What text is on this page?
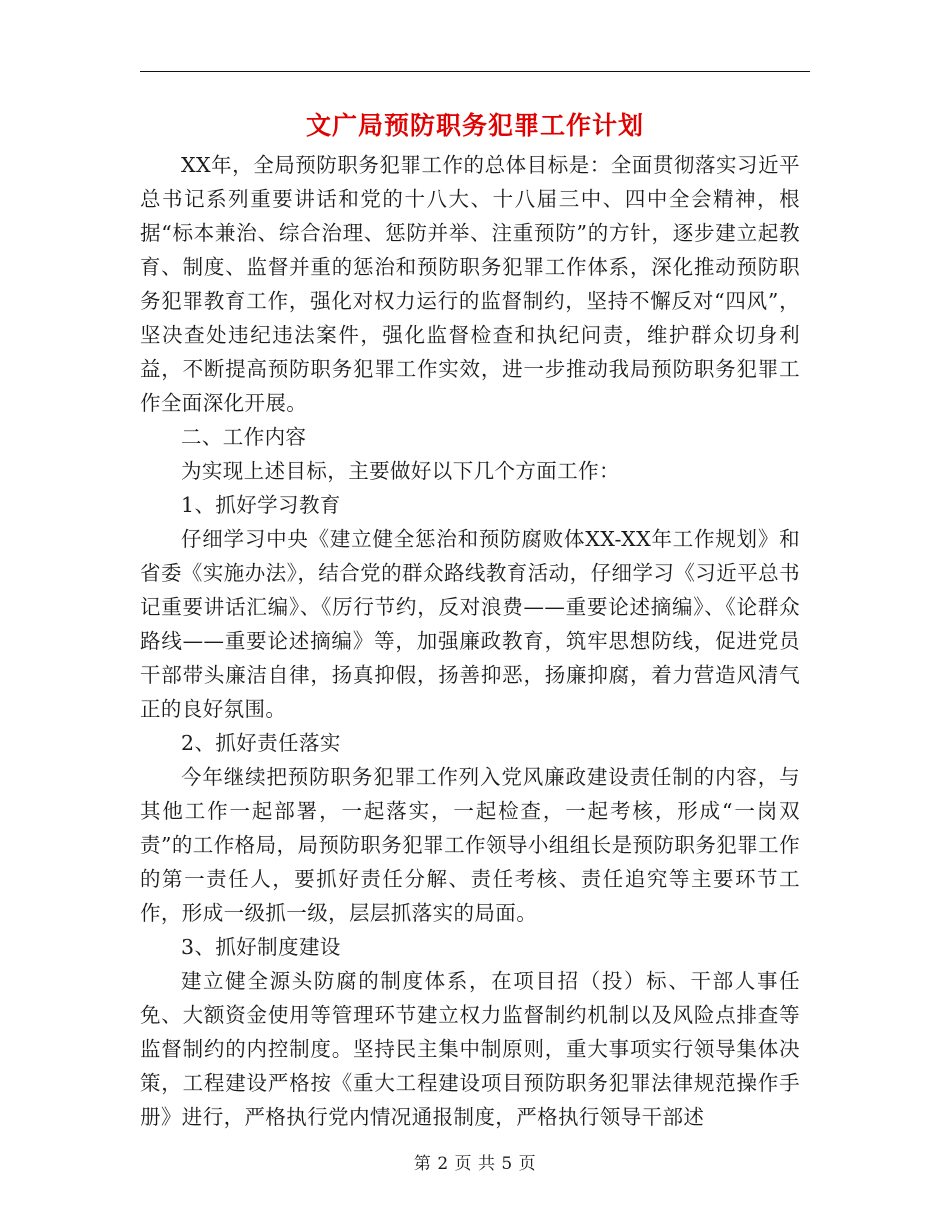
文广局预防职务犯罪工作计划

XX年，全局预防职务犯罪工作的总体目标是：全面贯彻落实习近平总书记系列重要讲话和党的十八大、十八届三中、四中全会精神，根据“标本兼治、综合治理、惩防并举、注重预防”的方针，逐步建立起教育、制度、监督并重的惩治和预防职务犯罪工作体系，深化推动预防职务犯罪教育工作，强化对权力运行的监督制约，坚持不懈反对“四风”，坚决查处违纪违法案件，强化监督检查和执纪问责，维护群众切身利益，不断提高预防职务犯罪工作实效，进一步推动我局预防职务犯罪工作全面深化开展。

二、工作内容

为实现上述目标，主要做好以下几个方面工作：

1、抓好学习教育

仔细学习中央《建立健全惩治和预防腐败体XX-XX年工作规划》和省委《实施办法》，结合党的群众路线教育活动，仔细学习《习近平总书记重要讲话汇编》、《厉行节约，反对浪费——重要论述摘编》、《论群众路线——重要论述摘编》等，加强廉政教育，筑牢思想防线，促进党员干部带头廉洁自律，扬真抑假，扬善抑恶，扬廉抑腐，着力营造风清气正的良好氛围。

2、抓好责任落实

今年继续把预防职务犯罪工作列入党风廉政建设责任制的内容，与其他工作一起部署，一起落实，一起检查，一起考核，形成“一岗双责”的工作格局，局预防职务犯罪工作领导小组组长是预防职务犯罪工作的第一责任人，要抓好责任分解、责任考核、责任追究等主要环节工作，形成一级抓一级，层层抓落实的局面。

3、抓好制度建设

建立健全源头防腐的制度体系，在项目招（投）标、干部人事任免、大额资金使用等管理环节建立权力监督制约机制以及风险点排查等监督制约的内控制度。坚持民主集中制原则，重大事项实行领导集体决策，工程建设严格按《重大工程建设项目预防职务犯罪法律规范操作手册》进行，严格执行党内情况通报制度，严格执行领导干部述

第 2 页 共 5 页
